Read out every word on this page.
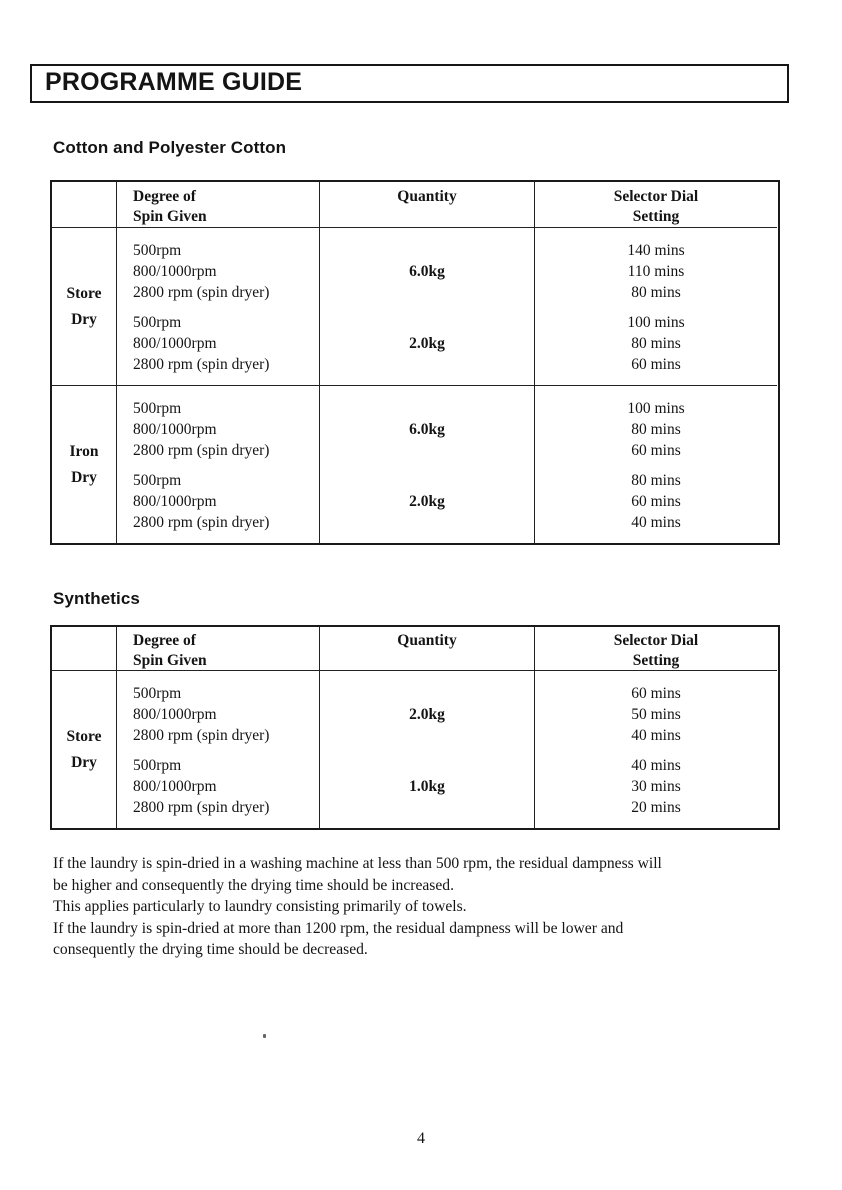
PROGRAMME GUIDE
Cotton and Polyester Cotton
Degree of
Spin Given
Quantity	Selector Dial
Setting
Store
Dry
500rpm
800/1000rpm
2800 rpm (spin dryer)
500rpm
800/1000rpm
2800 rpm (spin dryer)
6.0kg
2.0kg
140 mins
110 mins
80 mins
100 mins
80 mins
60 mins
Iron
Dry
500rpm
800/1000rpm
2800 rpm (spin dryer)
500rpm
800/1000rpm
2800 rpm (spin dryer)
6.0kg
2.0kg
100 mins
80 mins
60 mins
80 mins
60 mins
40 mins
Synthetics
Degree of
Spin Given
Quantity	Selector Dial
Setting
Store
Dry
500rpm
800/1000rpm
2800 rpm (spin dryer)
500rpm
800/1000rpm
2800 rpm (spin dryer)
2.0kg
1.0kg
60 mins
50 mins
40 mins
40 mins
30 mins
20 mins
If the laundry is spin-dried in a washing machine at less than 500 rpm, the residual dampness will
be higher and consequently the drying time should be increased.
This applies particularly to laundry consisting primarily of towels.
If the laundry is spin-dried at more than 1200 rpm, the residual dampness will be lower and
consequently the drying time should be decreased.
4
